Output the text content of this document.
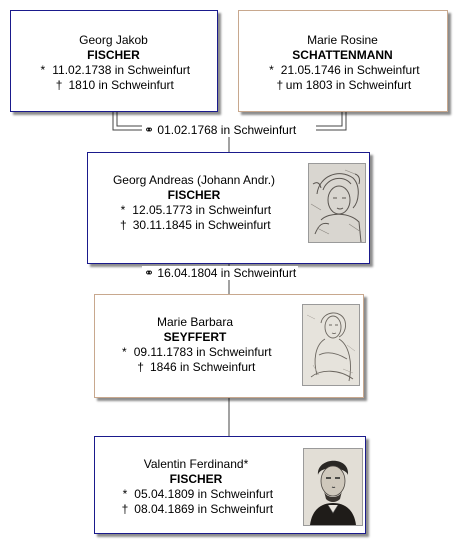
Georg Jakob
FISCHER
* 11.02.1738 in Schweinfurt
† 1810 in Schweinfurt
Marie Rosine
SCHATTENMANN
* 21.05.1746 in Schweinfurt
† um 1803 in Schweinfurt
⚭ 01.02.1768 in Schweinfurt
Georg Andreas (Johann Andr.)
FISCHER
* 12.05.1773 in Schweinfurt
† 30.11.1845 in Schweinfurt
⚭ 16.04.1804 in Schweinfurt
Marie Barbara
SEYFFERT
* 09.11.1783 in Schweinfurt
† 1846 in Schweinfurt
Valentin Ferdinand*
FISCHER
* 05.04.1809 in Schweinfurt
† 08.04.1869 in Schweinfurt
